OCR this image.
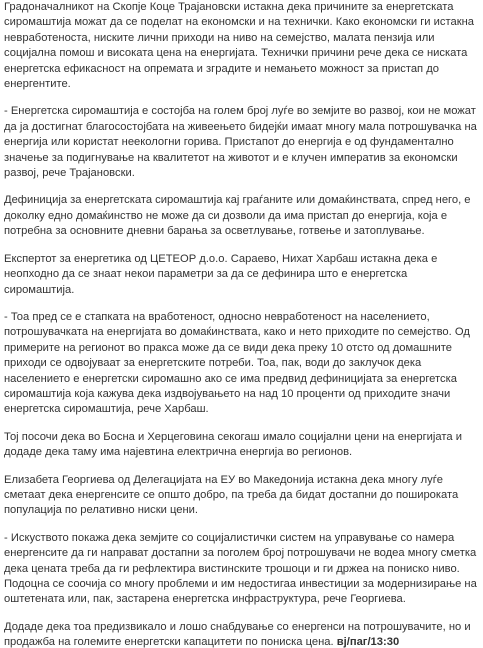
Градоначалникот на Скопје Коце Трајановски истакна дека причините за енергетската сиромаштија можат да се поделат на економски и на технички. Како економски ги истакна невработеноста, ниските лични приходи на ниво на семејство, малата пензија или социјална помош и високата цена на енергијата. Технички причини рече дека се ниската енергетска ефикасност на опремата и зградите и немањето можност за пристап до енергентите.

- Енергетска сиромаштија е состојба на голем број луѓе во земјите во развој, кои не можат да ја достигнат благосостојбата на живеењето бидејќи имаат многу мала потрошувачка на енергија или користат неекологни горива. Пристапот до енергија е од фундаментално значење за подигнување на квалитетот на животот и е клучен императив за економски развој, рече Трајановски.

Дефиниција за енергетската сиромаштија кај граѓаните или домаќинствата, спред него, е доколку едно домаќинство не може да си дозволи да има пристап до енергија, која е потребна за основните дневни барања за осветлување, готвење и затоплување.

Експертот за енергетика од ЦЕТЕОР д.о.о. Сараево, Нихат Харбаш истакна дека е неопходно да се знаат некои параметри за да се дефинира што е енергетска сиромаштија.

- Тоа пред се е стапката на вработеност, односно невработеност на населението, потрошувачката на енергијата во домаќинствата, како и нето приходите по семејство. Од примерите на регионот во пракса може да се види дека преку 10 отсто од домашните приходи се одвојуваат за енергетските потреби. Тоа, пак, води до заклучок дека населението е енергетски сиромашно ако се има предвид дефиницијата за енергетска сиромаштија која кажува дека издвојувањето на над 10 проценти од приходите значи енергетска сиромаштија, рече Харбаш.

Тој посочи дека во Босна и Херцеговина секогаш имало социјални цени на енергијата и додаде дека таму има најевтина електрична енергија во регионов.

Елизабета Георгиева од Делегацијата на ЕУ во Македонија истакна дека многу луѓе сметаат дека енергенсите се општо добро, па треба да бидат достапни до пошироката популација по релативно ниски цени.

- Искуството покажа дека земјите со социјалистички систем на управување со намера енергенсите да ги направат достапни за поголем број потрошувачи не водеа многу сметка дека цената треба да ги рефлектира вистинските трошоци и ги држеа на пониско ниво. Подоцна се соочија со многу проблеми и им недостигаа инвестиции за модернизирање на оштетената или, пак, застарена енергетска инфраструктура, рече Георгиева.

Додаде дека тоа предизвикало и лошо снабдување со енергенси на потрошувачите, но и продажба на големите енергетски капацитети по пониска цена. вј/паг/13:30
